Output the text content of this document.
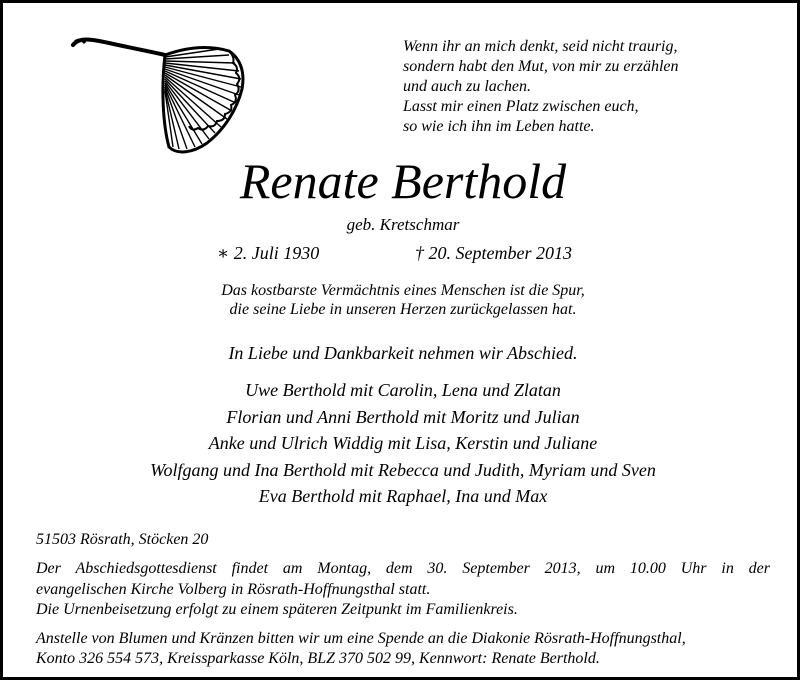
Wenn ihr an mich denkt, seid nicht traurig,
sondern habt den Mut, von mir zu erzählen
und auch zu lachen.
Lasst mir einen Platz zwischen euch,
so wie ich ihn im Leben hatte.
Renate Berthold
geb. Kretschmar
∗ 2. Juli 1930	† 20. September 2013
Das kostbarste Vermächtnis eines Menschen ist die Spur,
die seine Liebe in unseren Herzen zurückgelassen hat.
In Liebe und Dankbarkeit nehmen wir Abschied.
Uwe Berthold mit Carolin, Lena und Zlatan
Florian und Anni Berthold mit Moritz und Julian
Anke und Ulrich Widdig mit Lisa, Kerstin und Juliane
Wolfgang und Ina Berthold mit Rebecca und Judith, Myriam und Sven
Eva Berthold mit Raphael, Ina und Max
51503 Rösrath, Stöcken 20
Der Abschiedsgottesdienst findet am Montag, dem 30. September 2013, um 10.00 Uhr in der
evangelischen Kirche Volberg in Rösrath-Hoffnungsthal statt.
Die Urnenbeisetzung erfolgt zu einem späteren Zeitpunkt im Familienkreis.
Anstelle von Blumen und Kränzen bitten wir um eine Spende an die Diakonie Rösrath-Hoffnungsthal,
Konto 326 554 573, Kreissparkasse Köln, BLZ 370 502 99, Kennwort: Renate Berthold.
